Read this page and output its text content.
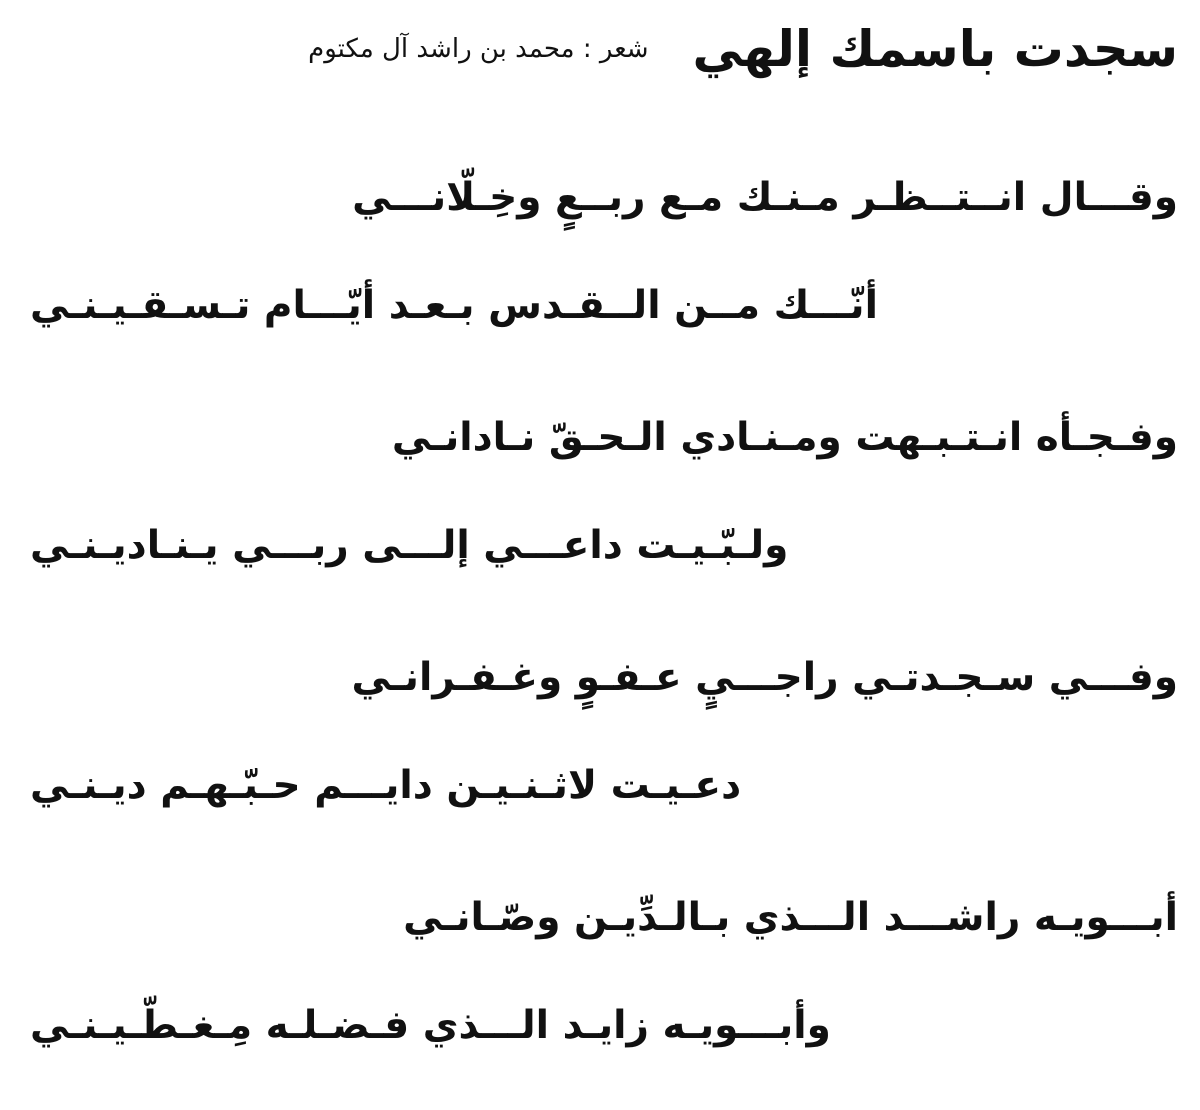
سجدت باسمك إلهي
شعر : محمد بن راشد آل مكتوم
وقـــال انــتــظـر مـنـك مـع ربــعٍ وخِـلّانـــي
أنّـــك مــن الــقـدس بـعـد أيّـــام تـسـقـيـنـي
وفـجـأه انـتـبـهت ومـنـادي الـحـقّ نـادانـي
ولـبّـيـت داعـــي إلـــى ربـــي يـنـاديـنـي
وفـــي سـجـدتـي راجـــيٍ عـفـوٍ وغـفـرانـي
دعـيـت لاثـنـيـن دايـــم حـبّـهـم ديـنـي
أبـــويـه راشـــد الـــذي بـالـدِّيـن وصّـانـي
وأبـــويـه زايـد الـــذي فـضـلـه مِـغـطّـيـنـي
